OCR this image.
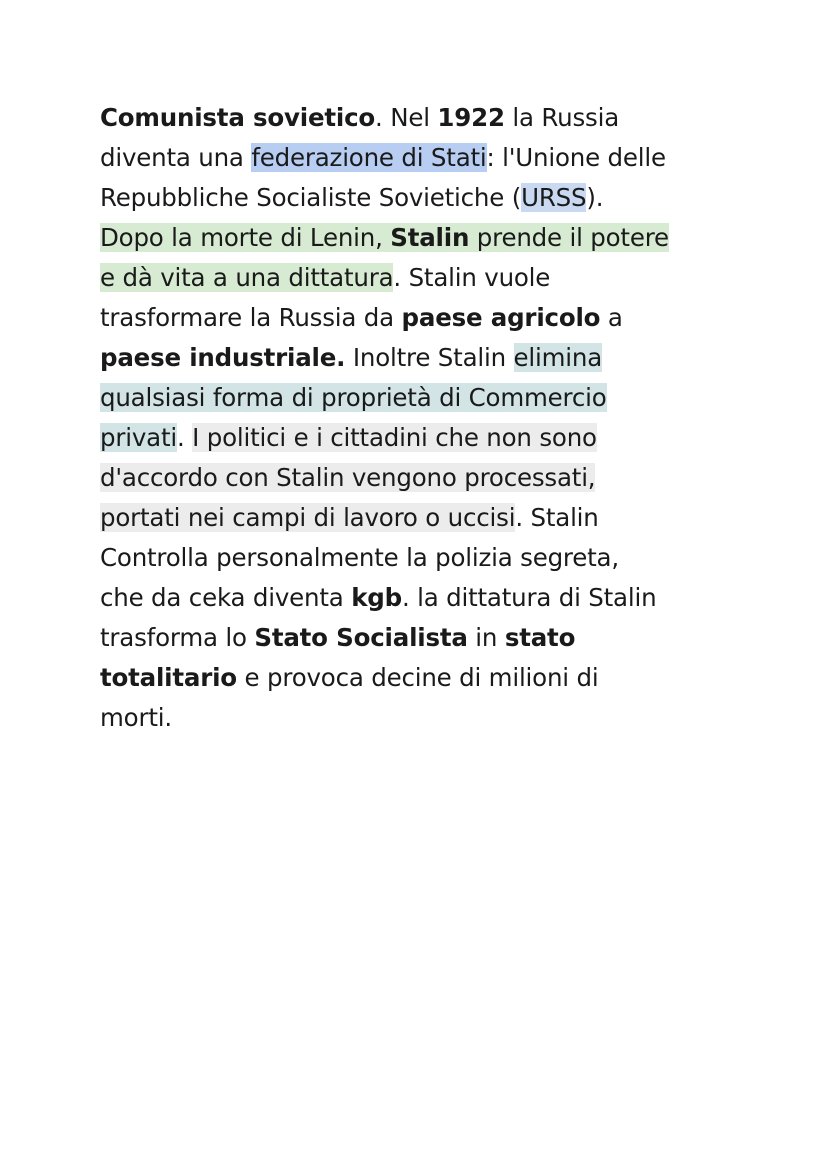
Comunista sovietico. Nel 1922 la Russia
diventa una federazione di Stati: l'Unione delle
Repubbliche Socialiste Sovietiche (URSS).
Dopo la morte di Lenin, Stalin prende il potere
e dà vita a una dittatura. Stalin vuole
trasformare la Russia da paese agricolo a
paese industriale. Inoltre Stalin elimina
qualsiasi forma di proprietà di Commercio
privati. I politici e i cittadini che non sono
d'accordo con Stalin vengono processati,
portati nei campi di lavoro o uccisi. Stalin
Controlla personalmente la polizia segreta,
che da ceka diventa kgb. la dittatura di Stalin
trasforma lo Stato Socialista in stato
totalitario e provoca decine di milioni di
morti.
